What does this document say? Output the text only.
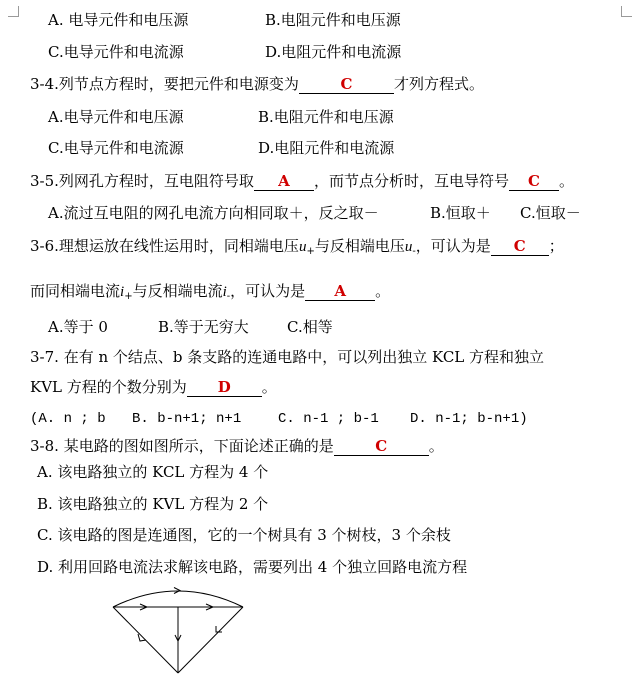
A. 电导元件和电压源	B.电阻元件和电压源
C.电导元件和电流源	D.电阻元件和电流源
3-4.列节点方程时，要把元件和电源变为	C	才列方程式。
A.电导元件和电压源	B.电阻元件和电压源
C.电导元件和电流源	D.电阻元件和电流源
3-5.列网孔方程时，互电阻符号取 A ，而节点分析时，互电导符号 C 。
A.流过互电阻的网孔电流方向相同取＋，反之取－	B.恒取＋ C.恒取－
3-6.理想运放在线性运用时，同相端电压$u_+$与反相端电压$u_-$，可认为是 C ；
而同相端电流$i_+$与反相端电流$i_-$，可认为是 A 。
A.等于 0	B.等于无穷大	C.相等
3-7. 在有 n 个结点、b 条支路的连通电路中，可以列出独立 KCL 方程和独立
KVL 方程的个数分别为 D 。
(A. n ; b B. b-n+1; n+1	C. n-1 ; b-1 D. n-1; b-n+1)
3-8. 某电路的图如图所示，下面论述正确的是	C	。
A. 该电路独立的 KCL 方程为 4 个
B. 该电路独立的 KVL 方程为 2 个
C. 该电路的图是连通图，它的一个树具有 3 个树枝，3 个余枝
D. 利用回路电流法求解该电路，需要列出 4 个独立回路电流方程
